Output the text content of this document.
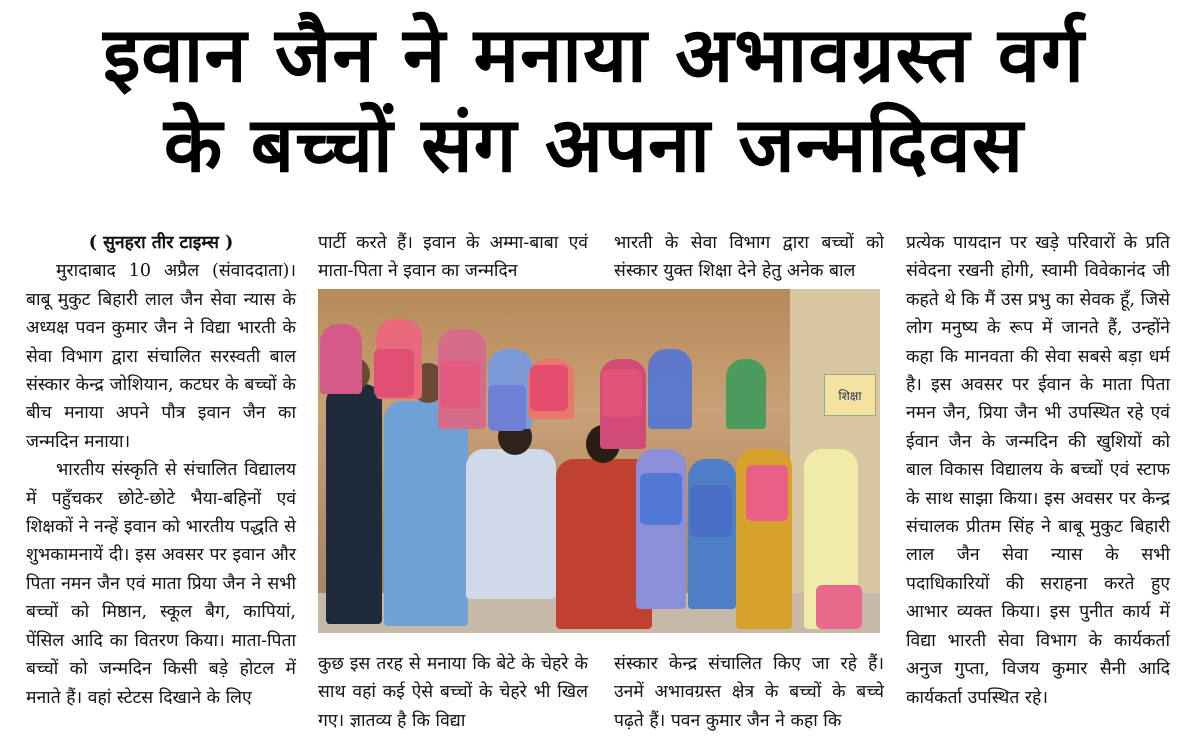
इवान जैन ने मनाया अभावग्रस्त वर्ग
के बच्चों संग अपना जन्मदिवस

( सुनहरा तीर टाइम्स )

मुरादाबाद 10 अप्रैल (संवाददाता)। बाबू मुकुट बिहारी लाल जैन सेवा न्यास के अध्यक्ष पवन कुमार जैन ने विद्या भारती के सेवा विभाग द्वारा संचालित सरस्वती बाल संस्कार केन्द्र जोशियान, कटघर के बच्चों के बीच मनाया अपने पौत्र इवान जैन का जन्मदिन मनाया।

भारतीय संस्कृति से संचालित विद्यालय में पहुँचकर छोटे-छोटे भैया-बहिनों एवं शिक्षकों ने नन्हें इवान को भारतीय पद्धति से शुभकामनायें दी। इस अवसर पर इवान और पिता नमन जैन एवं माता प्रिया जैन ने सभी बच्चों को मिष्ठान, स्कूल बैग, कापियां, पेंसिल आदि का वितरण किया। माता-पिता बच्चों को जन्मदिन किसी बड़े होटल में मनाते हैं। वहां स्टेटस दिखाने के लिए

पार्टी करते हैं। इवान के अम्मा-बाबा एवं माता-पिता ने इवान का जन्मदिन

भारती के सेवा विभाग द्वारा बच्चों को संस्कार युक्त शिक्षा देने हेतु अनेक बाल

शिक्षा

कुछ इस तरह से मनाया कि बेटे के चेहरे के साथ वहां कई ऐसे बच्चों के चेहरे भी खिल गए। ज्ञातव्य है कि विद्या

संस्कार केन्द्र संचालित किए जा रहे हैं। उनमें अभावग्रस्त क्षेत्र के बच्चों के बच्चे पढ़ते हैं। पवन कुमार जैन ने कहा कि

प्रत्येक पायदान पर खड़े परिवारों के प्रति संवेदना रखनी होगी, स्वामी विवेकानंद जी कहते थे कि मैं उस प्रभु का सेवक हूँ, जिसे लोग मनुष्य के रूप में जानते हैं, उन्होंने कहा कि मानवता की सेवा सबसे बड़ा धर्म है। इस अवसर पर ईवान के माता पिता नमन जैन, प्रिया जैन भी उपस्थित रहे एवं ईवान जैन के जन्मदिन की खुशियों को बाल विकास विद्यालय के बच्चों एवं स्टाफ के साथ साझा किया। इस अवसर पर केन्द्र संचालक प्रीतम सिंह ने बाबू मुकुट बिहारी लाल जैन सेवा न्यास के सभी पदाधिकारियों की सराहना करते हुए आभार व्यक्त किया। इस पुनीत कार्य में विद्या भारती सेवा विभाग के कार्यकर्ता अनुज गुप्ता, विजय कुमार सैनी आदि कार्यकर्ता उपस्थित रहे।
